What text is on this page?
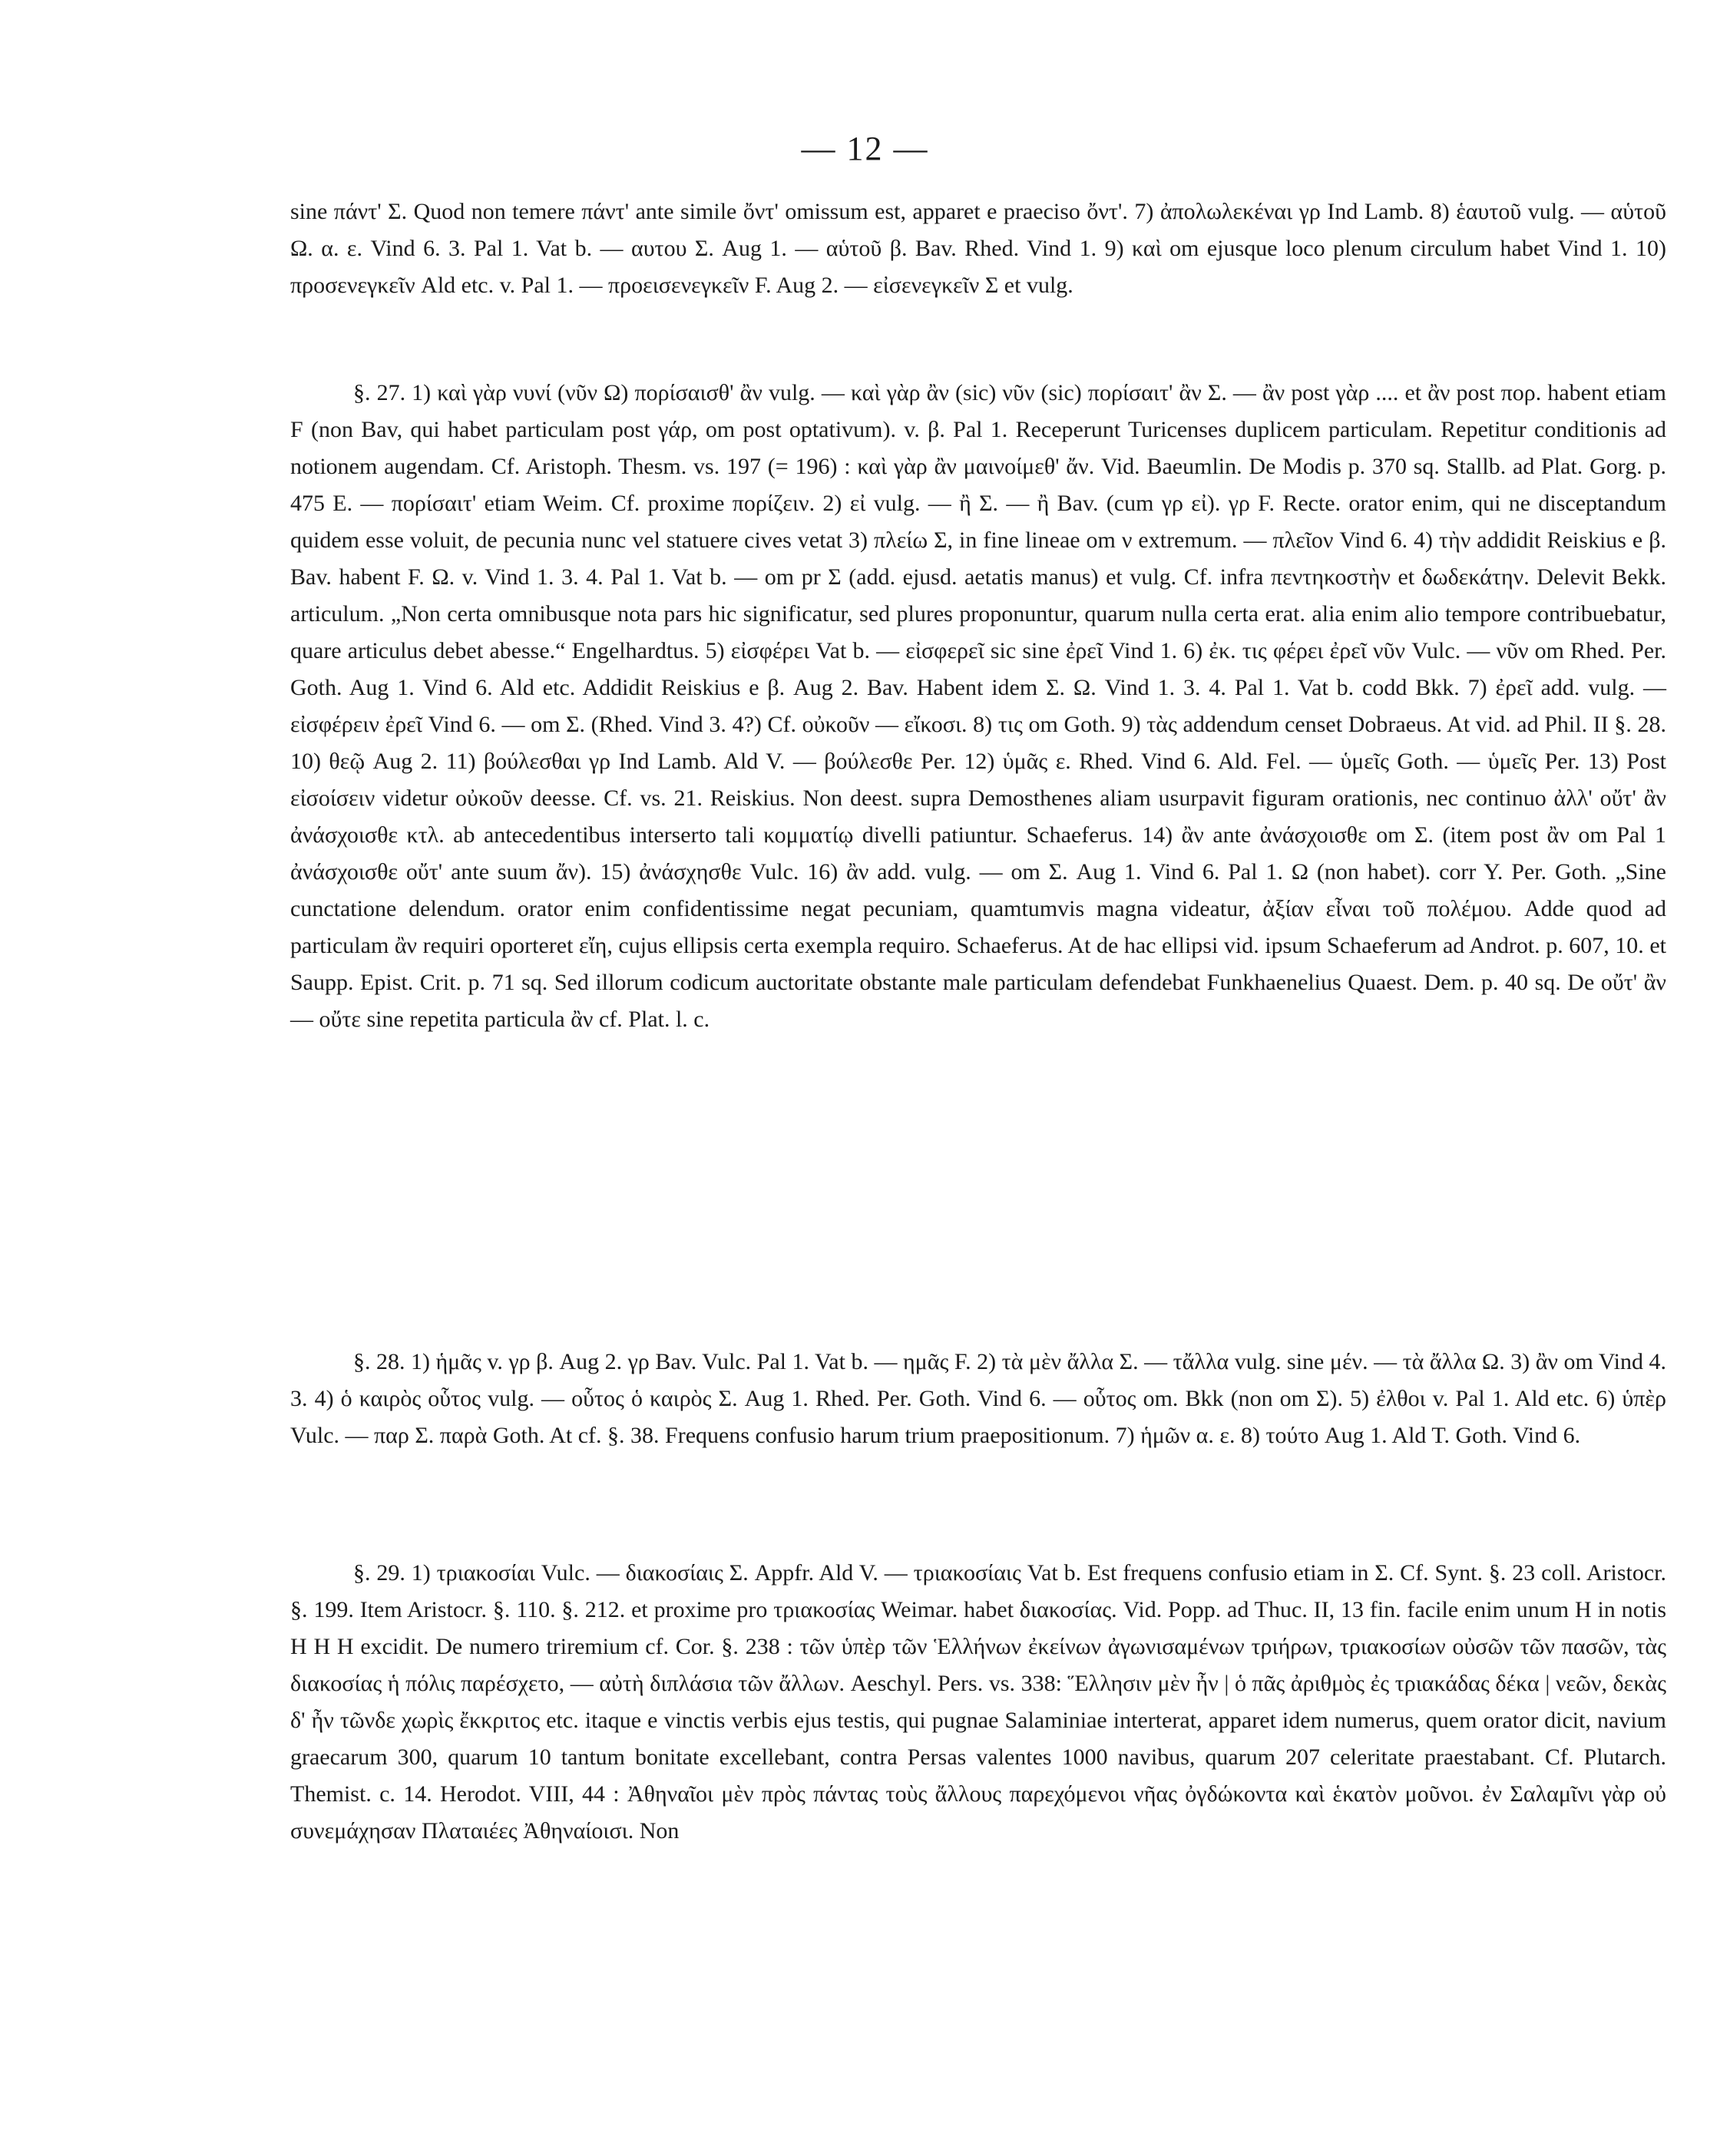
— 12 —

sine πάντ' Σ. Quod non temere πάντ' ante simile ὄντ' omissum est, apparet e praeciso ὄντ'. 7) ἀπολωλεκέναι γρ Ind Lamb. 8) ἑαυτοῦ vulg. — αὑτοῦ Ω. α. ε. Vind 6. 3. Pal 1. Vat b. — αυτου Σ. Aug 1. — αὑτοῦ β. Bav. Rhed. Vind 1. 9) καὶ om ejusque loco plenum circulum habet Vind 1. 10) προσενεγκεῖν Ald etc. v. Pal 1. — προεισενεγκεῖν F. Aug 2. — εἰσενεγκεῖν Σ et vulg.

§. 27. 1) καὶ γὰρ νυνί (νῦν Ω) πορίσαισθ' ἂν vulg. — καὶ γὰρ ἂν (sic) νῦν (sic) πορίσαιτ' ἂν Σ. — ἂν post γὰρ .... et ἂν post πορ. habent etiam F (non Bav, qui habet particulam post γάρ, om post optativum). v. β. Pal 1. Receperunt Turicenses duplicem particulam. Repetitur conditionis ad notionem augendam. Cf. Aristoph. Thesm. vs. 197 (= 196) : καὶ γὰρ ἂν μαινοίμεθ' ἄν. Vid. Baeumlin. De Modis p. 370 sq. Stallb. ad Plat. Gorg. p. 475 E. — πορίσαιτ' etiam Weim. Cf. proxime πορίζειν. 2) εἰ vulg. — ἢ Σ. — ἢ Bav. (cum γρ εἰ). γρ F. Recte. orator enim, qui ne disceptandum quidem esse voluit, de pecunia nunc vel statuere cives vetat 3) πλείω Σ, in fine lineae om ν extremum. — πλεῖον Vind 6. 4) τὴν addidit Reiskius e β. Bav. habent F. Ω. v. Vind 1. 3. 4. Pal 1. Vat b. — om pr Σ (add. ejusd. aetatis manus) et vulg. Cf. infra πεντηκοστὴν et δωδεκάτην. Delevit Bekk. articulum. „Non certa omnibusque nota pars hic significatur, sed plures proponuntur, quarum nulla certa erat. alia enim alio tempore contribuebatur, quare articulus debet abesse.“ Engelhardtus. 5) εἰσφέρει Vat b. — εἰσφερεῖ sic sine ἐρεῖ Vind 1. 6) ἐκ. τις φέρει ἐρεῖ νῦν Vulc. — νῦν om Rhed. Per. Goth. Aug 1. Vind 6. Ald etc. Addidit Reiskius e β. Aug 2. Bav. Habent idem Σ. Ω. Vind 1. 3. 4. Pal 1. Vat b. codd Bkk. 7) ἐρεῖ add. vulg. — εἰσφέρειν ἐρεῖ Vind 6. — om Σ. (Rhed. Vind 3. 4?) Cf. οὐκοῦν — εἴκοσι. 8) τις om Goth. 9) τὰς addendum censet Dobraeus. At vid. ad Phil. II §. 28. 10) θεῷ Aug 2. 11) βούλεσθαι γρ Ind Lamb. Ald V. — βούλεσθε Per. 12) ὑμᾶς ε. Rhed. Vind 6. Ald. Fel. — ὑμεῖς Goth. — ὑμεῖς Per. 13) Post εἰσοίσειν videtur οὐκοῦν deesse. Cf. vs. 21. Reiskius. Non deest. supra Demosthenes aliam usurpavit figuram orationis, nec continuo ἀλλ' οὔτ' ἂν ἀνάσχοισθε κτλ. ab antecedentibus interserto tali κομματίῳ divelli patiuntur. Schaeferus. 14) ἂν ante ἀνάσχοισθε om Σ. (item post ἂν om Pal 1 ἀνάσχοισθε οὔτ' ante suum ἄν). 15) ἀνάσχησθε Vulc. 16) ἂν add. vulg. — om Σ. Aug 1. Vind 6. Pal 1. Ω (non habet). corr Y. Per. Goth. „Sine cunctatione delendum. orator enim confidentissime negat pecuniam, quamtumvis magna videatur, ἀξίαν εἶναι τοῦ πολέμου. Adde quod ad particulam ἂν requiri oporteret εἴη, cujus ellipsis certa exempla requiro. Schaeferus. At de hac ellipsi vid. ipsum Schaeferum ad Androt. p. 607, 10. et Saupp. Epist. Crit. p. 71 sq. Sed illorum codicum auctoritate obstante male particulam defendebat Funkhaenelius Quaest. Dem. p. 40 sq. De οὔτ' ἂν — οὔτε sine repetita particula ἂν cf. Plat. l. c.

§. 28. 1) ἡμᾶς v. γρ β. Aug 2. γρ Bav. Vulc. Pal 1. Vat b. — ημᾶς F. 2) τὰ μὲν ἄλλα Σ. — τἄλλα vulg. sine μέν. — τὰ ἄλλα Ω. 3) ἂν om Vind 4. 3. 4) ὁ καιρὸς οὗτος vulg. — οὗτος ὁ καιρὸς Σ. Aug 1. Rhed. Per. Goth. Vind 6. — οὗτος om. Bkk (non om Σ). 5) ἐλθοι v. Pal 1. Ald etc. 6) ὑπὲρ Vulc. — παρ Σ. παρὰ Goth. At cf. §. 38. Frequens confusio harum trium praepositionum. 7) ἡμῶν α. ε. 8) τούτο Aug 1. Ald T. Goth. Vind 6.

§. 29. 1) τριακοσίαι Vulc. — διακοσίαις Σ. Appfr. Ald V. — τριακοσίαις Vat b. Est frequens confusio etiam in Σ. Cf. Synt. §. 23 coll. Aristocr. §. 199. Item Aristocr. §. 110. §. 212. et proxime pro τριακοσίας Weimar. habet διακοσίας. Vid. Popp. ad Thuc. II, 13 fin. facile enim unum H in notis H H H excidit. De numero triremium cf. Cor. §. 238 : τῶν ὑπὲρ τῶν Ἑλλήνων ἐκείνων ἀγωνισαμένων τριήρων, τριακοσίων οὐσῶν τῶν πασῶν, τὰς διακοσίας ἡ πόλις παρέσχετο, — αὐτὴ διπλάσια τῶν ἄλλων. Aeschyl. Pers. vs. 338: Ἕλλησιν μὲν ἦν | ὁ πᾶς ἀριθμὸς ἐς τριακάδας δέκα | νεῶν, δεκὰς δ' ἦν τῶνδε χωρὶς ἔκκριτος etc. itaque e vinctis verbis ejus testis, qui pugnae Salaminiae interterat, apparet idem numerus, quem orator dicit, navium graecarum 300, quarum 10 tantum bonitate excellebant, contra Persas valentes 1000 navibus, quarum 207 celeritate praestabant. Cf. Plutarch. Themist. c. 14. Herodot. VIII, 44 : Ἀθηναῖοι μὲν πρὸς πάντας τοὺς ἄλλους παρεχόμενοι νῆας ὀγδώκοντα καὶ ἑκατὸν μοῦνοι. ἐν Σαλαμῖνι γὰρ οὐ συνεμάχησαν Πλαταιέες Ἀθηναίοισι. Non
